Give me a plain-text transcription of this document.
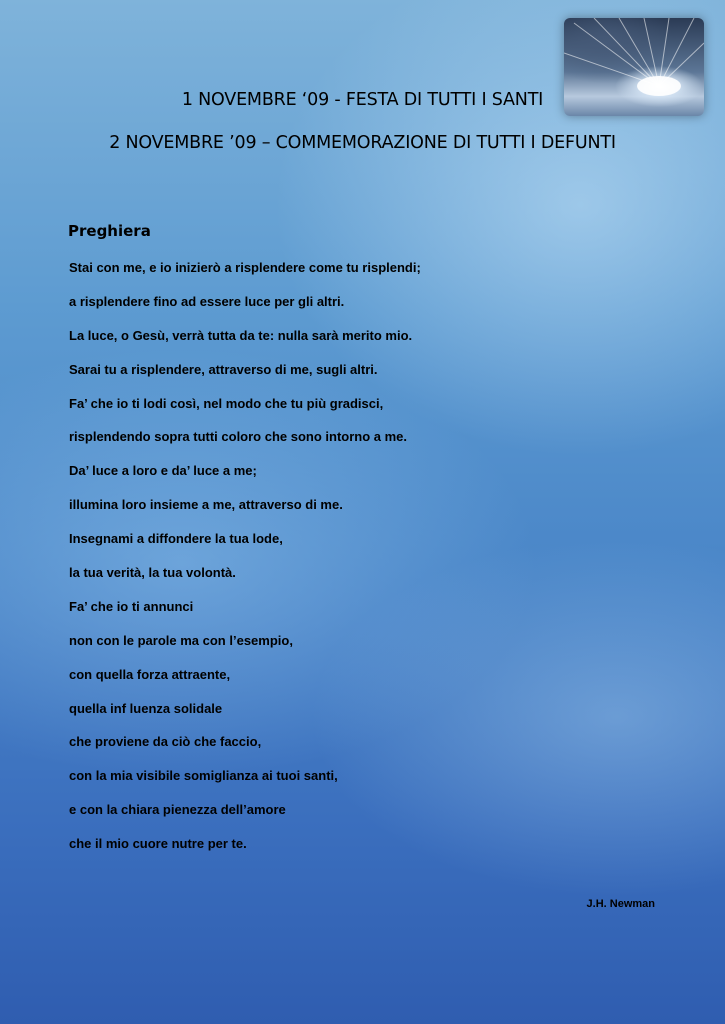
1 NOVEMBRE ‘09 - FESTA DI TUTTI I SANTI
2 NOVEMBRE ’09 – COMMEMORAZIONE DI TUTTI I DEFUNTI
Preghiera
Stai con me, e io inizierò a risplendere come tu risplendi;
a risplendere fino ad essere luce per gli altri.
La luce, o Gesù, verrà tutta da te: nulla sarà merito mio.
Sarai tu a risplendere, attraverso di me, sugli altri.
Fa’ che io ti lodi così, nel modo che tu più gradisci,
risplendendo sopra tutti coloro che sono intorno a me.
Da’ luce a loro e da’ luce a me;
illumina loro insieme a me, attraverso di me.
Insegnami a diffondere la tua lode,
la tua verità, la tua volontà.
Fa’ che io ti annunci
non con le parole ma con l’esempio,
con quella forza attraente,
quella inf luenza solidale
che proviene da ciò che faccio,
con la mia visibile somiglianza ai tuoi santi,
e con la chiara pienezza dell’amore
che il mio cuore nutre per te.
J.H. Newman
